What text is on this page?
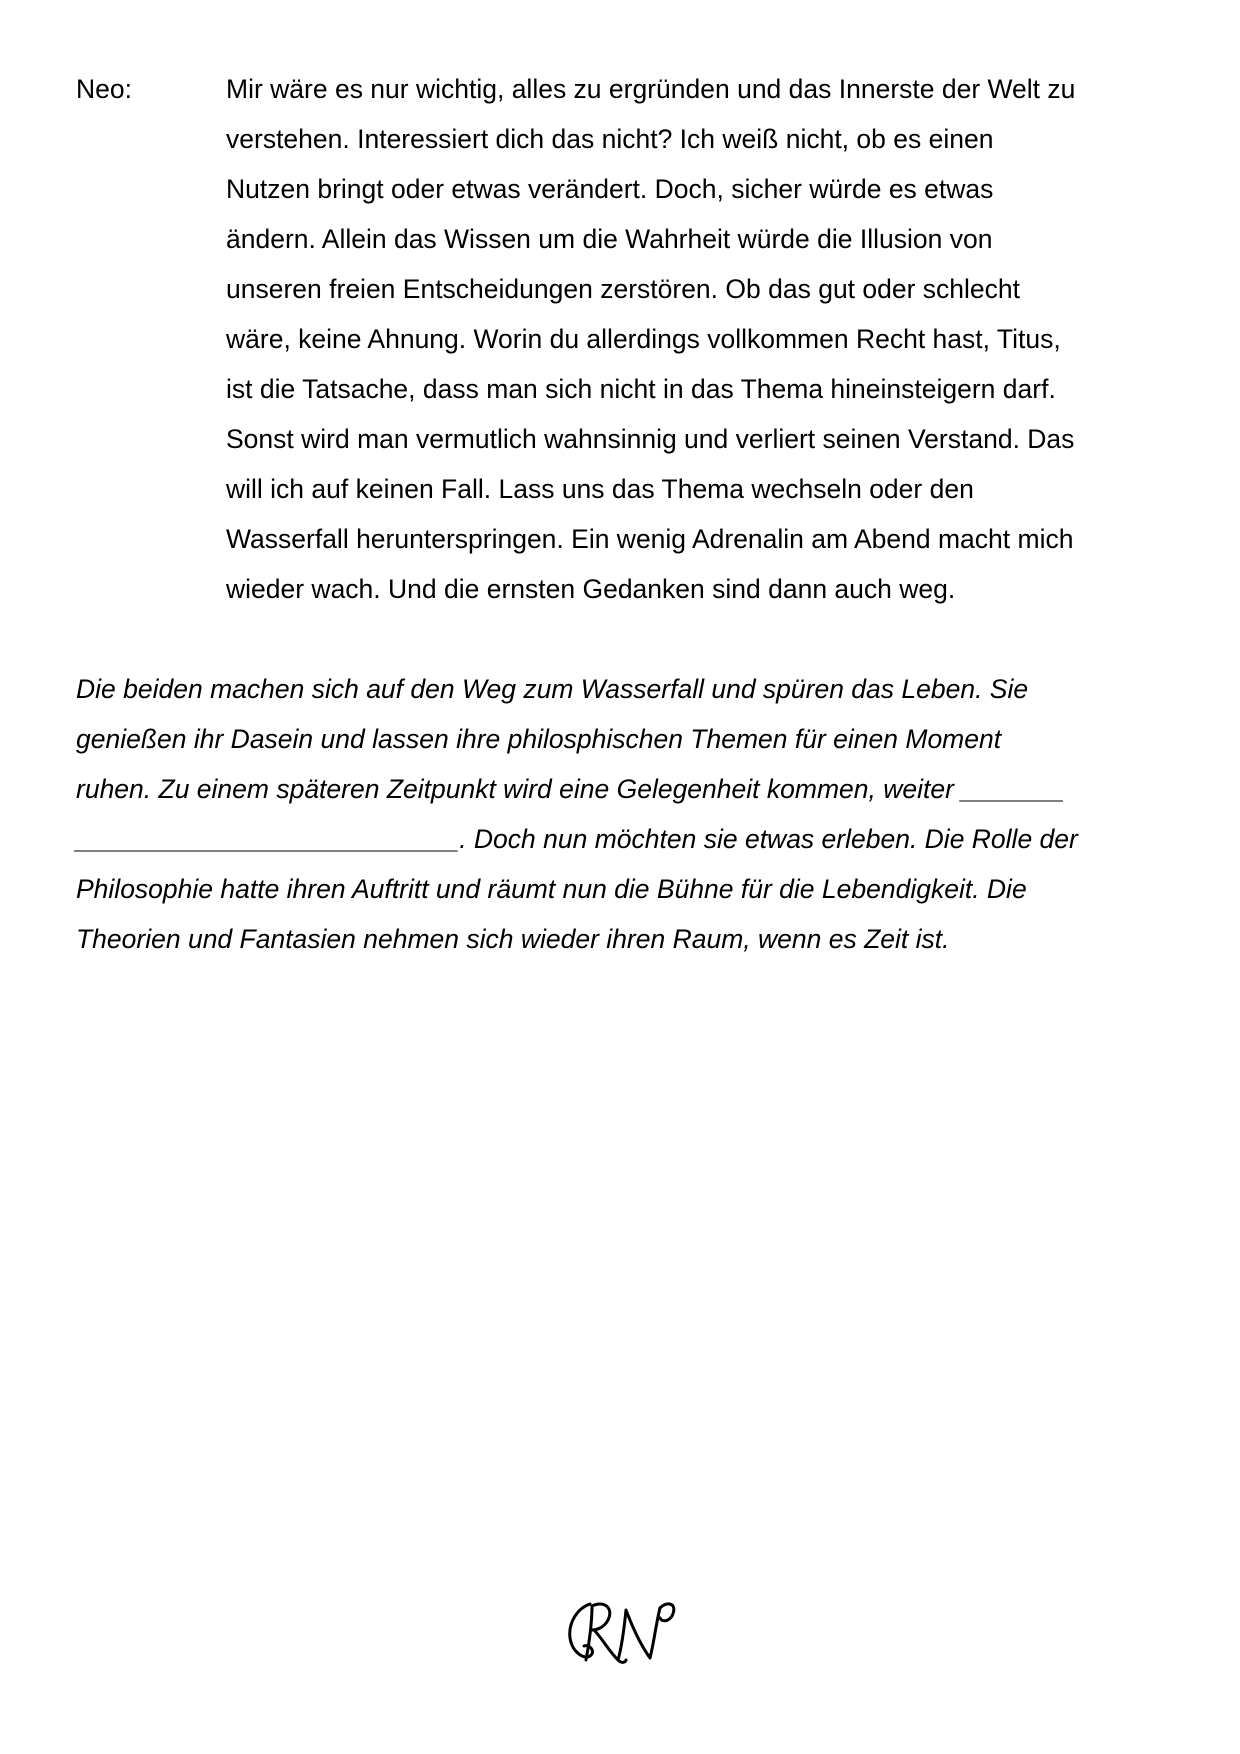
Neo:	Mir wäre es nur wichtig, alles zu ergründen und das Innerste der Welt zu
verstehen. Interessiert dich das nicht? Ich weiß nicht, ob es einen
Nutzen bringt oder etwas verändert. Doch, sicher würde es etwas
ändern. Allein das Wissen um die Wahrheit würde die Illusion von
unseren freien Entscheidungen zerstören. Ob das gut oder schlecht
wäre, keine Ahnung. Worin du allerdings vollkommen Recht hast, Titus,
ist die Tatsache, dass man sich nicht in das Thema hineinsteigern darf.
Sonst wird man vermutlich wahnsinnig und verliert seinen Verstand. Das
will ich auf keinen Fall. Lass uns das Thema wechseln oder den
Wasserfall herunterspringen. Ein wenig Adrenalin am Abend macht mich
wieder wach. Und die ernsten Gedanken sind dann auch weg.
Die beiden machen sich auf den Weg zum Wasserfall und spüren das Leben. Sie
genießen ihr Dasein und lassen ihre philosphischen Themen für einen Moment
ruhen. Zu einem späteren Zeitpunkt wird eine Gelegenheit kommen, weiter _______
__________________________. Doch nun möchten sie etwas erleben. Die Rolle der
Philosophie hatte ihren Auftritt und räumt nun die Bühne für die Lebendigkeit. Die
Theorien und Fantasien nehmen sich wieder ihren Raum, wenn es Zeit ist.
